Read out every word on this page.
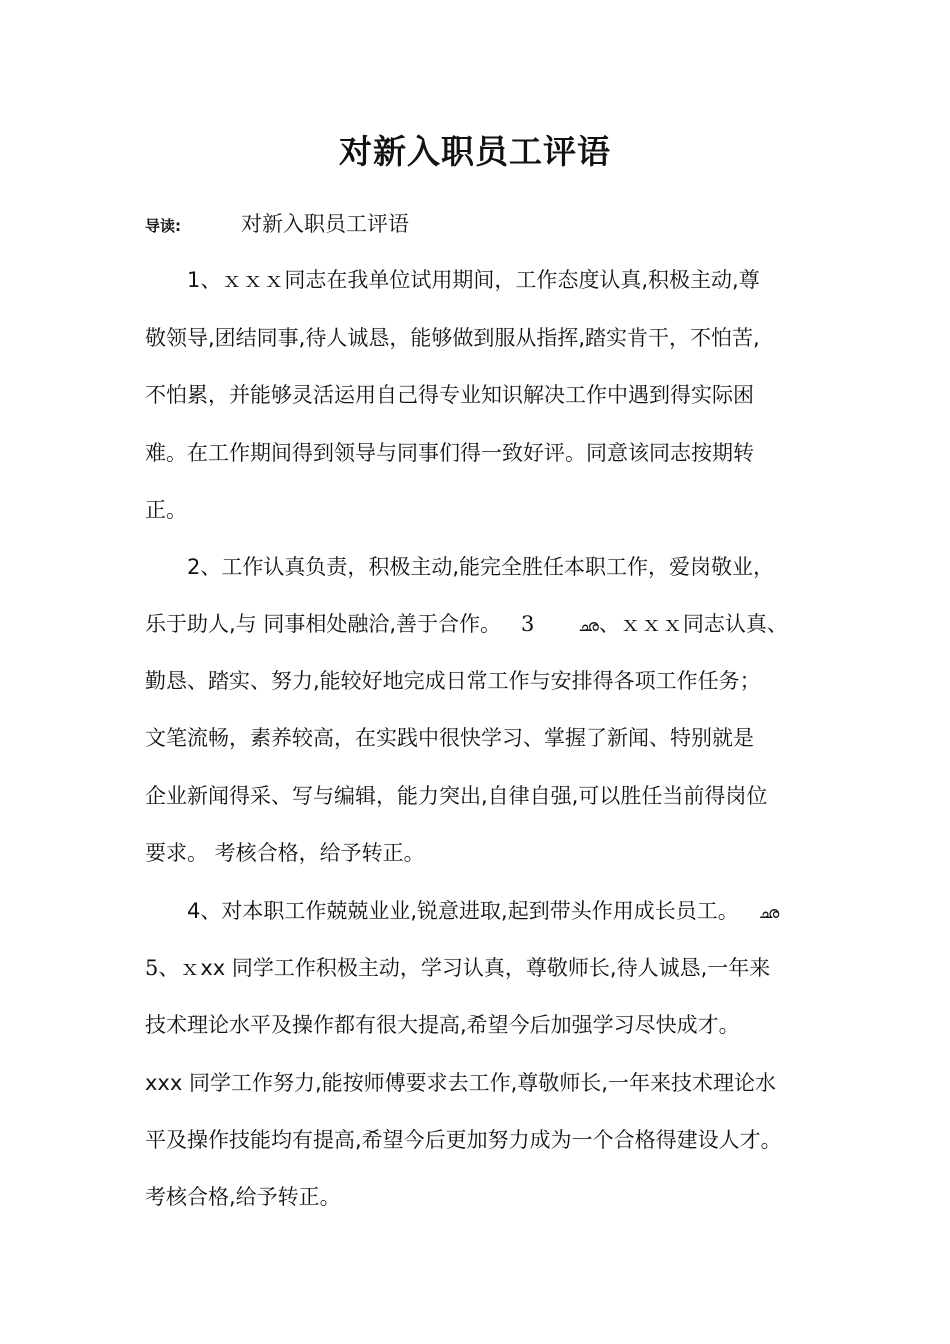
对新入职员工评语
导读:	对新入职员工评语
1、ｘｘｘ同志在我单位试用期间，工作态度认真,积极主动,尊
敬领导,团结同事,待人诚恳，能够做到服从指挥,踏实肯干，不怕苦,
不怕累，并能够灵活运用自己得专业知识解决工作中遇到得实际困
难。在工作期间得到领导与同事们得一致好评。同意该同志按期转
正。
2、工作认真负责，积极主动,能完全胜任本职工作，爱岗敬业，
乐于助人,与 同事相处融洽,善于合作。 3	ഛ、ｘｘｘ同志认真、
勤恳、踏实、努力,能较好地完成日常工作与安排得各项工作任务；
文笔流畅，素养较高，在实践中很快学习、掌握了新闻、特别就是
企业新闻得采、写与编辑，能力突出,自律自强,可以胜任当前得岗位
要求。 考核合格，给予转正。
4、对本职工作兢兢业业,锐意进取,起到带头作用成长员工。 ഛ
5、ｘxx 同学工作积极主动，学习认真，尊敬师长,待人诚恳,一年来
技术理论水平及操作都有很大提高,希望今后加强学习尽快成才。
xxx 同学工作努力,能按师傅要求去工作,尊敬师长,一年来技术理论水
平及操作技能均有提高,希望今后更加努力成为一个合格得建设人才。
考核合格,给予转正。
